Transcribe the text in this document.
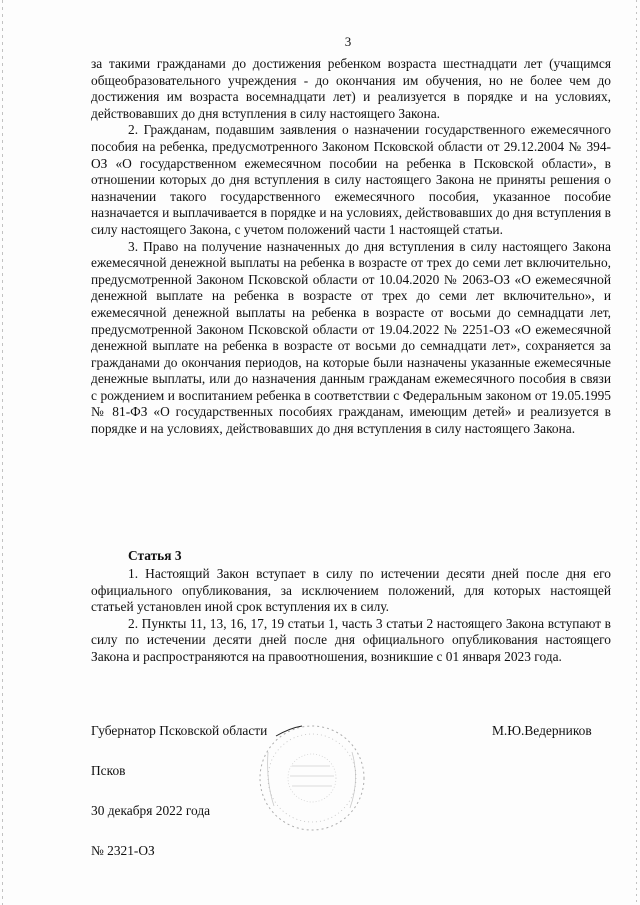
3

за такими гражданами до достижения ребенком возраста шестнадцати лет (учащимся общеобразовательного учреждения - до окончания им обучения, но не более чем до достижения им возраста восемнадцати лет) и реализуется в порядке и на условиях, действовавших до дня вступления в силу настоящего Закона.

2. Гражданам, подавшим заявления о назначении государственного ежемесячного пособия на ребенка, предусмотренного Законом Псковской области от 29.12.2004 № 394-ОЗ «О государственном ежемесячном пособии на ребенка в Псковской области», в отношении которых до дня вступления в силу настоящего Закона не приняты решения о назначении такого государственного ежемесячного пособия, указанное пособие назначается и выплачивается в порядке и на условиях, действовавших до дня вступления в силу настоящего Закона, с учетом положений части 1 настоящей статьи.

3. Право на получение назначенных до дня вступления в силу настоящего Закона ежемесячной денежной выплаты на ребенка в возрасте от трех до семи лет включительно, предусмотренной Законом Псковской области от 10.04.2020 № 2063-ОЗ «О ежемесячной денежной выплате на ребенка в возрасте от трех до семи лет включительно», и ежемесячной денежной выплаты на ребенка в возрасте от восьми до семнадцати лет, предусмотренной Законом Псковской области от 19.04.2022 № 2251-ОЗ «О ежемесячной денежной выплате на ребенка в возрасте от восьми до семнадцати лет», сохраняется за гражданами до окончания периодов, на которые были назначены указанные ежемесячные денежные выплаты, или до назначения данным гражданам ежемесячного пособия в связи с рождением и воспитанием ребенка в соответствии с Федеральным законом от 19.05.1995 № 81-ФЗ «О государственных пособиях гражданам, имеющим детей» и реализуется в порядке и на условиях, действовавших до дня вступления в силу настоящего Закона.

Статья 3

1. Настоящий Закон вступает в силу по истечении десяти дней после дня его официального опубликования, за исключением положений, для которых настоящей статьей установлен иной срок вступления их в силу.

2. Пункты 11, 13, 16, 17, 19 статьи 1, часть 3 статьи 2 настоящего Закона вступают в силу по истечении десяти дней после дня официального опубликования настоящего Закона и распространяются на правоотношения, возникшие с 01 января 2023 года.

Губернатор Псковской области	М.Ю.Ведерников
Псков
30 декабря 2022 года
№ 2321-ОЗ
